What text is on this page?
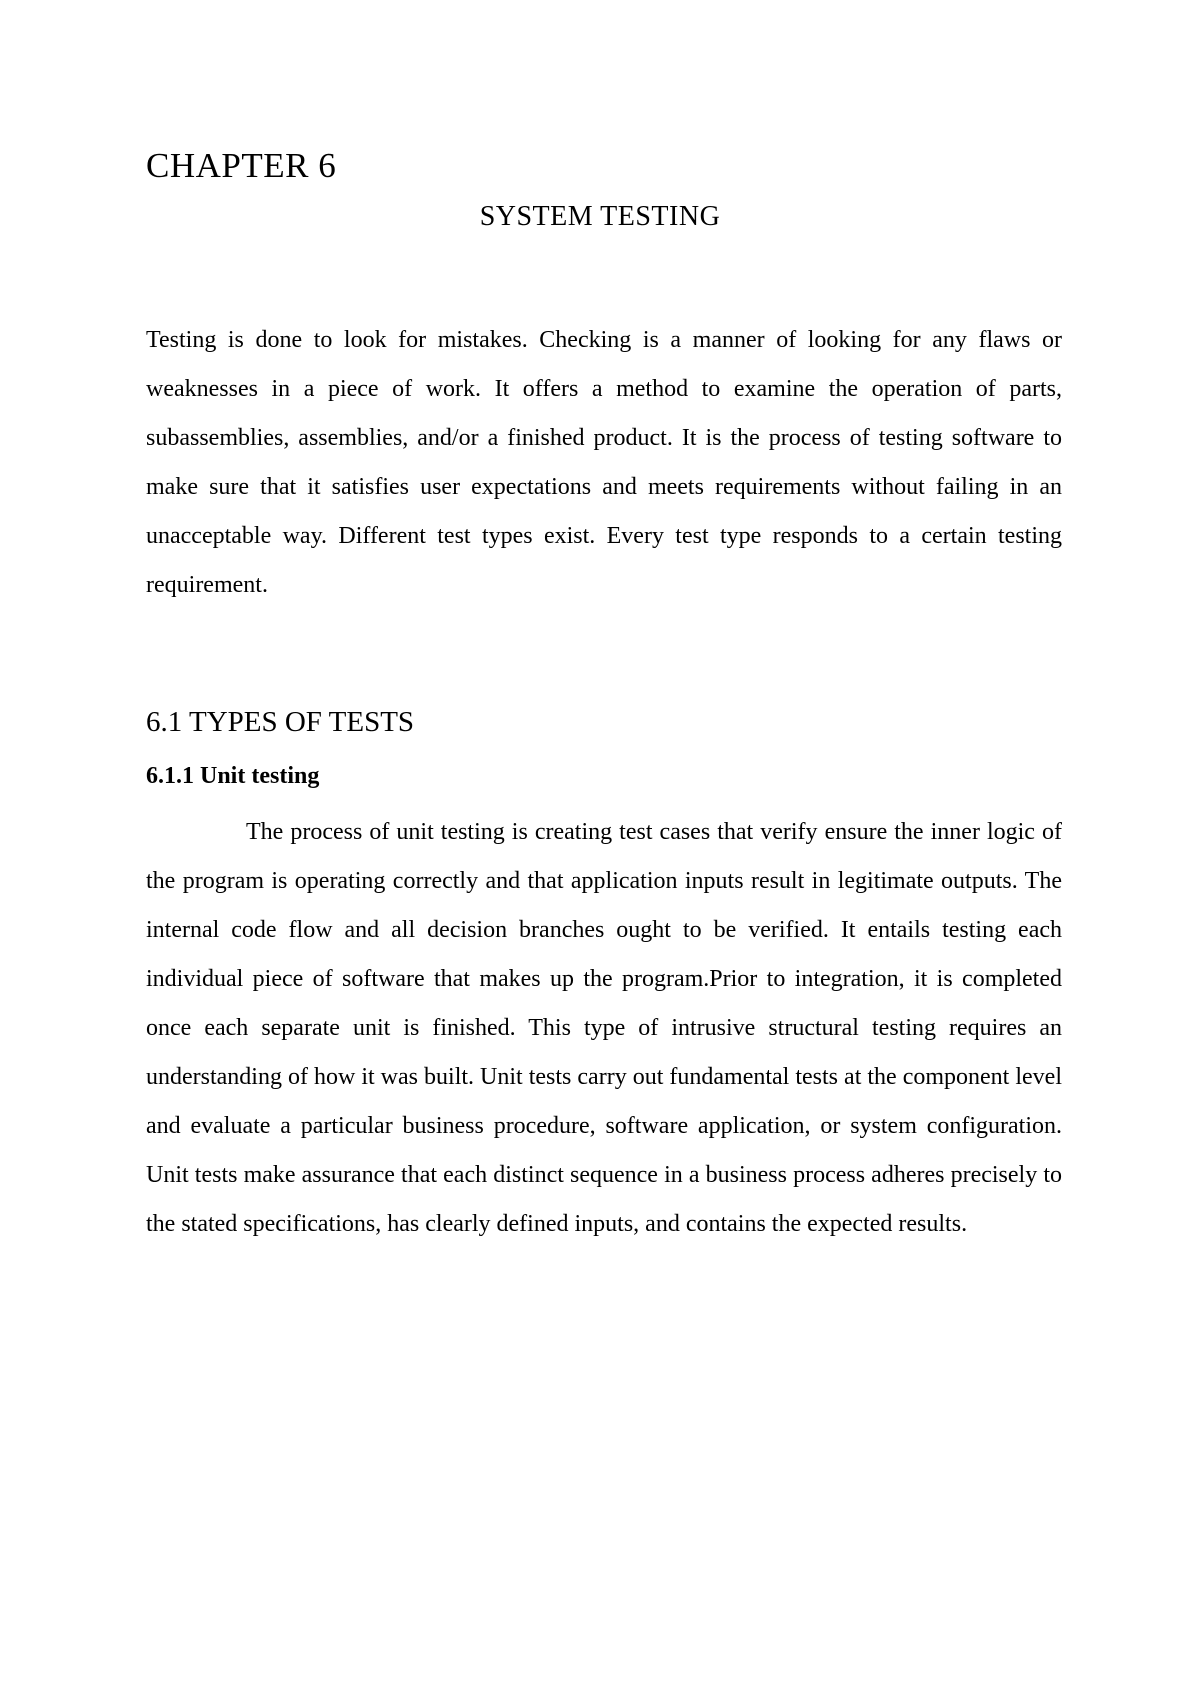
CHAPTER 6
SYSTEM TESTING

Testing is done to look for mistakes. Checking is a manner of looking for any flaws or weaknesses in a piece of work. It offers a method to examine the operation of parts, subassemblies, assemblies, and/or a finished product. It is the process of testing software to make sure that it satisfies user expectations and meets requirements without failing in an unacceptable way. Different test types exist. Every test type responds to a certain testing requirement.

6.1 TYPES OF TESTS
6.1.1 Unit testing

The process of unit testing is creating test cases that verify ensure the inner logic of the program is operating correctly and that application inputs result in legitimate outputs. The internal code flow and all decision branches ought to be verified. It entails testing each individual piece of software that makes up the program.Prior to integration, it is completed once each separate unit is finished. This type of intrusive structural testing requires an understanding of how it was built. Unit tests carry out fundamental tests at the component level and evaluate a particular business procedure, software application, or system configuration. Unit tests make assurance that each distinct sequence in a business process adheres precisely to the stated specifications, has clearly defined inputs, and contains the expected results.
